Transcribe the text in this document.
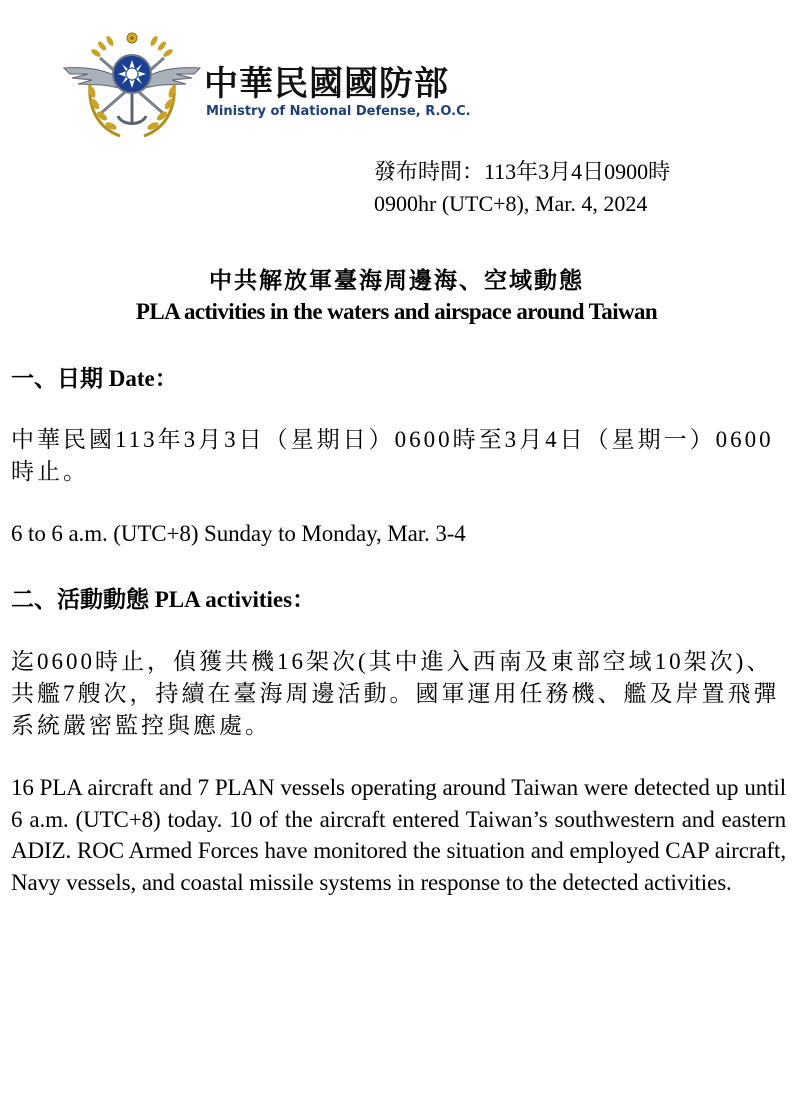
中華民國國防部
Ministry of National Defense, R.O.C.
發布時間：113年3月4日0900時
0900hr (UTC+8), Mar. 4, 2024
中共解放軍臺海周邊海、空域動態
PLA activities in the waters and airspace around Taiwan
一、日期 Date：
中華民國113年3月3日（星期日）0600時至3月4日（星期一）0600時止。
6 to 6 a.m. (UTC+8) Sunday to Monday, Mar. 3-4
二、活動動態 PLA activities：
迄0600時止，偵獲共機16架次(其中進入西南及東部空域10架次)、共艦7艘次，持續在臺海周邊活動。國軍運用任務機、艦及岸置飛彈系統嚴密監控與應處。
16 PLA aircraft and 7 PLAN vessels operating around Taiwan were detected up until 6 a.m. (UTC+8) today. 10 of the aircraft entered Taiwan’s southwestern and eastern ADIZ. ROC Armed Forces have monitored the situation and employed CAP aircraft, Navy vessels, and coastal missile systems in response to the detected activities.
